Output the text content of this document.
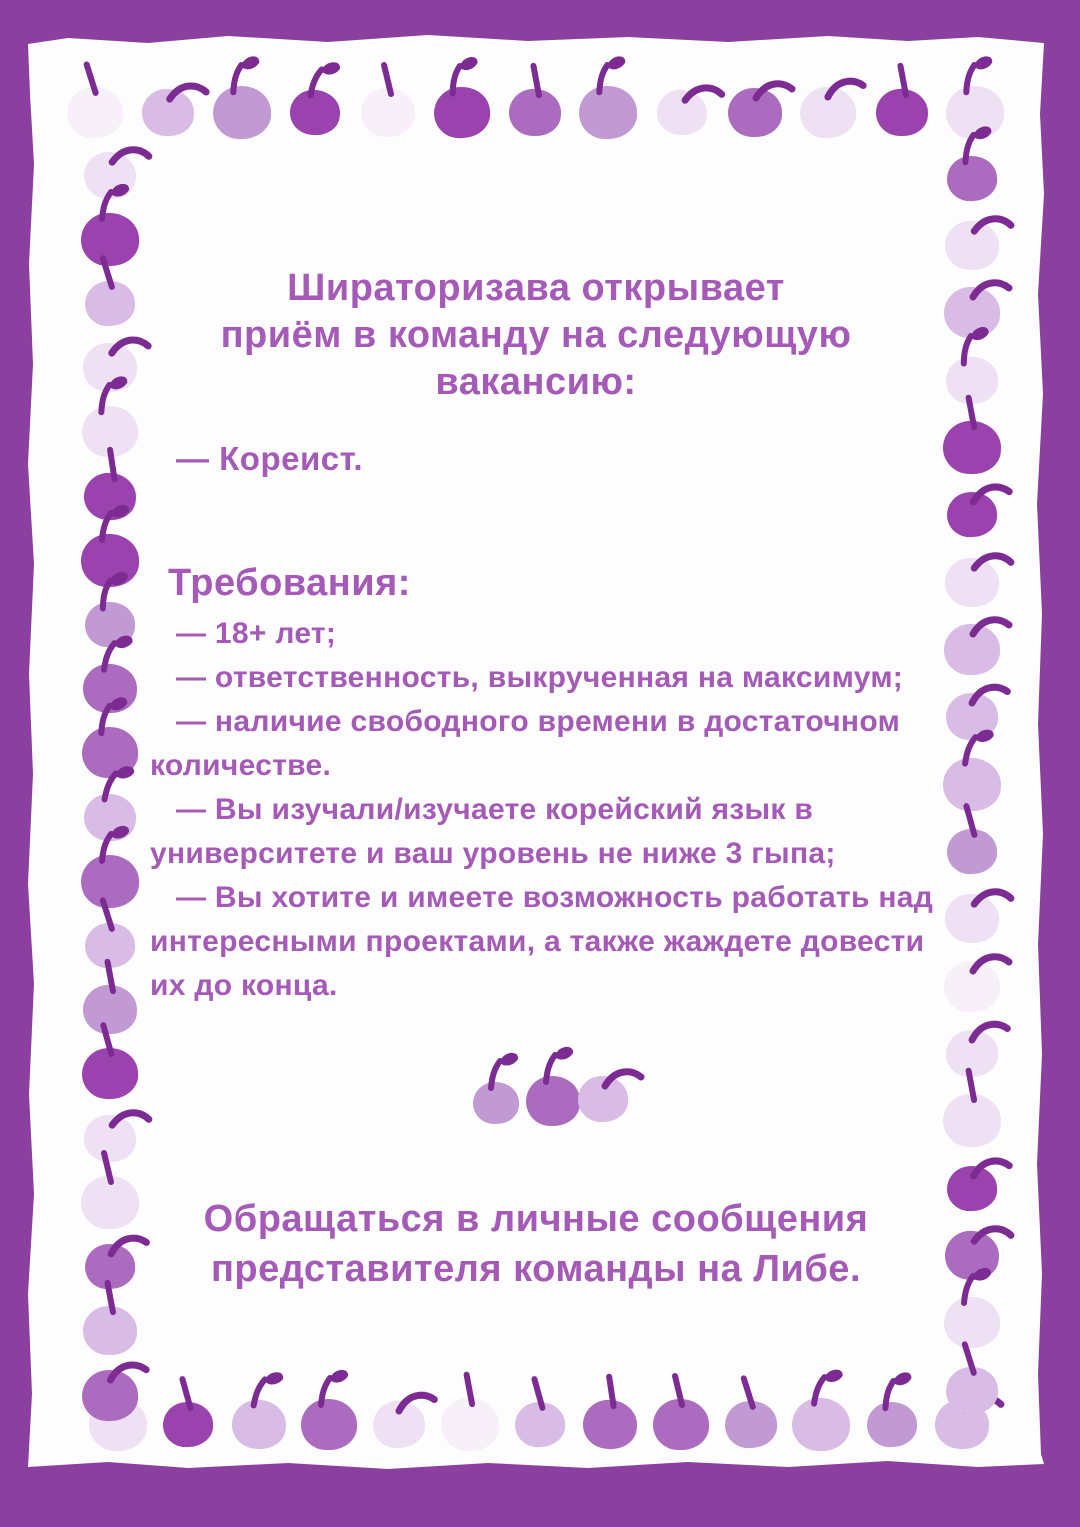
Шираторизава открывает
приём в команду на следующую
вакансию:
— Кореист.
Требования:
— 18+ лет;
— ответственность, выкрученная на максимум;
— наличие свободного времени в достаточном количестве.
— Вы изучали/изучаете корейский язык в университете и ваш уровень не ниже 3 гыпа;
— Вы хотите и имеете возможность работать над интересными проектами, а также жаждете довести их до конца.
Обращаться в личные сообщения
представителя команды на Либе.
